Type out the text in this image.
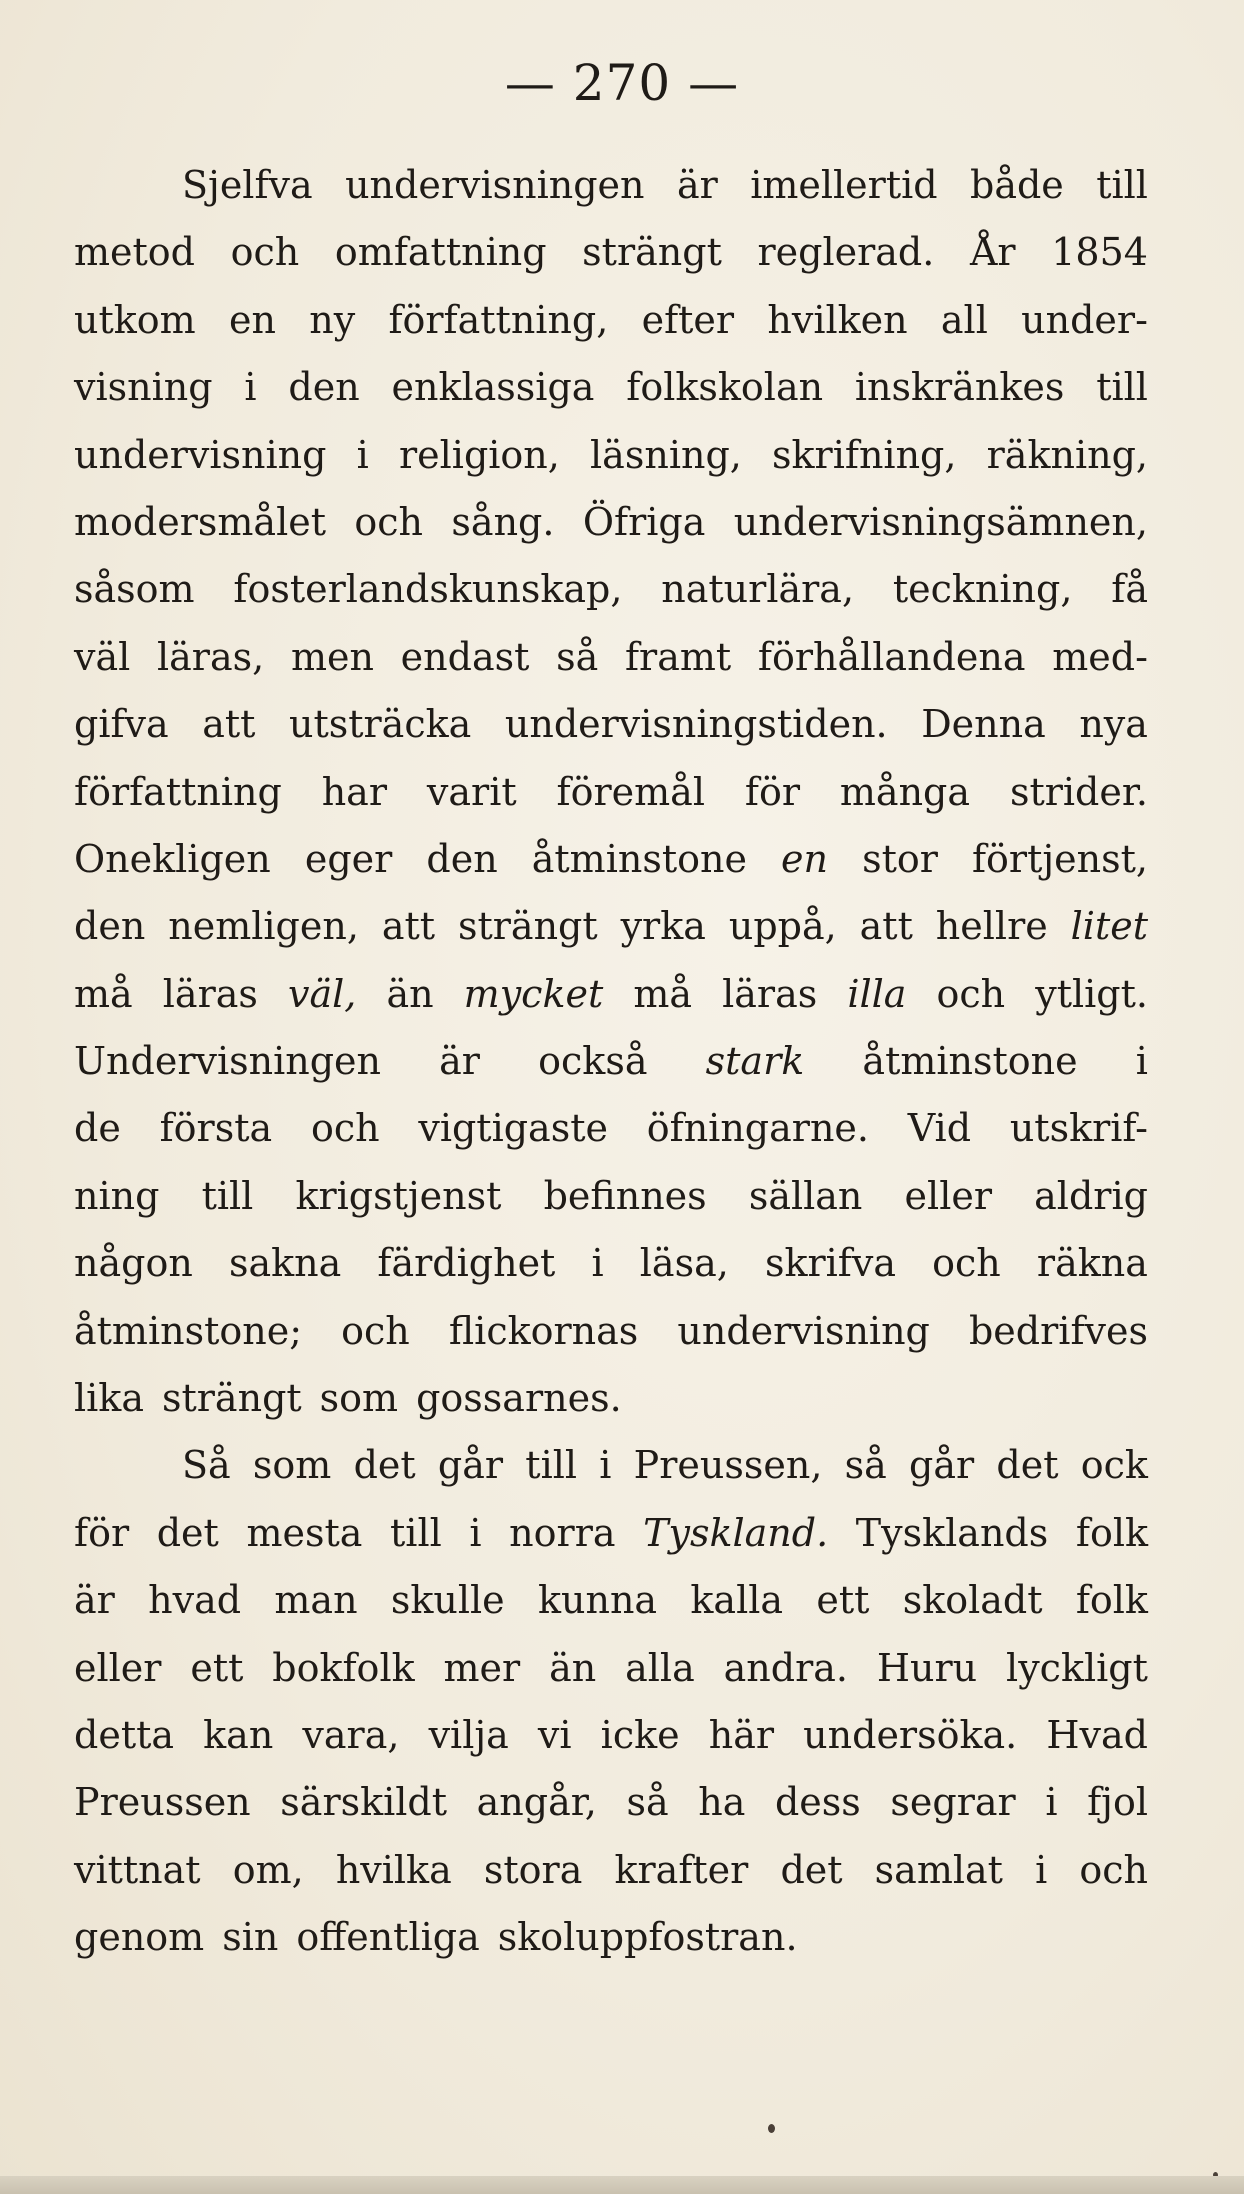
— 270 —
Sjelfva undervisningen är imellertid både till
metod och omfattning strängt reglerad. År 1854
utkom en ny författning, efter hvilken all under-
visning i den enklassiga folkskolan inskränkes till
undervisning i religion, läsning, skrifning, räkning,
modersmålet och sång. Öfriga undervisningsämnen,
såsom fosterlandskunskap, naturlära, teckning, få
väl läras, men endast så framt förhållandena med-
gifva att utsträcka undervisningstiden. Denna nya
författning har varit föremål för många strider.
Onekligen eger den åtminstone en stor förtjenst,
den nemligen, att strängt yrka uppå, att hellre litet
må läras väl, än mycket må läras illa och ytligt.
Undervisningen är också stark åtminstone i
de första och vigtigaste öfningarne. Vid utskrif-
ning till krigstjenst befinnes sällan eller aldrig
någon sakna färdighet i läsa, skrifva och räkna
åtminstone; och flickornas undervisning bedrifves
lika strängt som gossarnes.
Så som det går till i Preussen, så går det ock
för det mesta till i norra Tyskland. Tysklands folk
är hvad man skulle kunna kalla ett skoladt folk
eller ett bokfolk mer än alla andra. Huru lyckligt
detta kan vara, vilja vi icke här undersöka. Hvad
Preussen särskildt angår, så ha dess segrar i fjol
vittnat om, hvilka stora krafter det samlat i och
genom sin offentliga skoluppfostran.
